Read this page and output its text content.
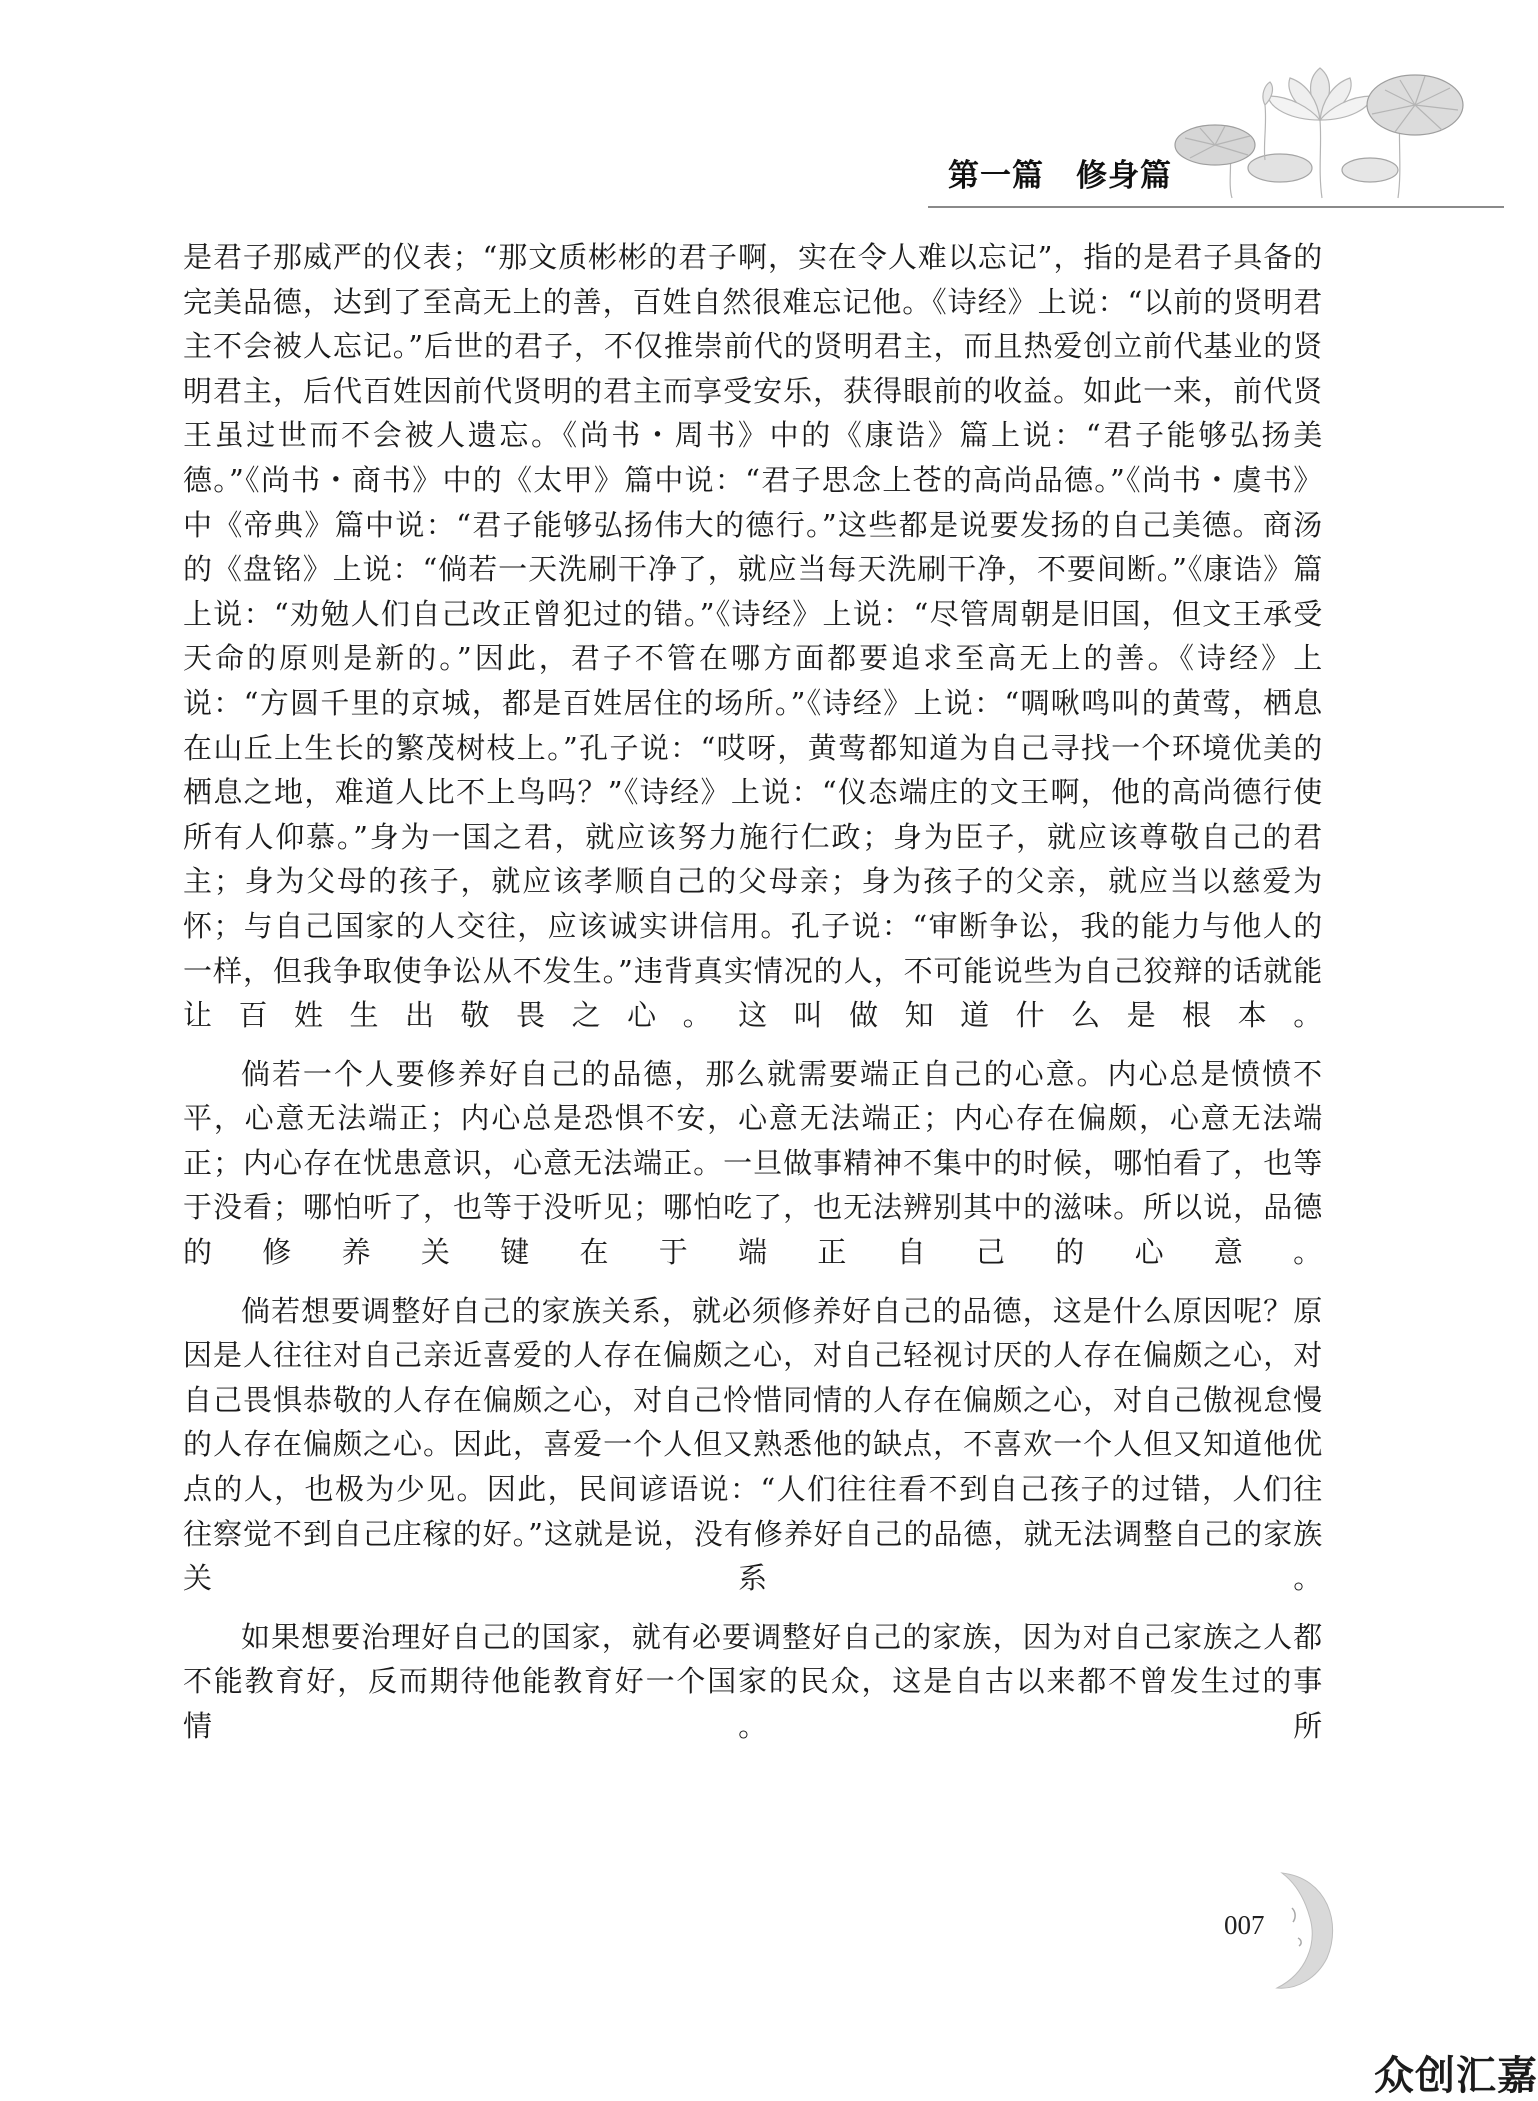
第一篇　修身篇

是君子那威严的仪表；“那文质彬彬的君子啊，实在令人难以忘记”，指的是君子具备的完美品德，达到了至高无上的善，百姓自然很难忘记他。《诗经》上说：“以前的贤明君主不会被人忘记。”后世的君子，不仅推崇前代的贤明君主，而且热爱创立前代基业的贤明君主，后代百姓因前代贤明的君主而享受安乐，获得眼前的收益。如此一来，前代贤王虽过世而不会被人遗忘。《尚书・周书》中的《康诰》篇上说：“君子能够弘扬美德。”《尚书・商书》中的《太甲》篇中说：“君子思念上苍的高尚品德。”《尚书・虞书》中《帝典》篇中说：“君子能够弘扬伟大的德行。”这些都是说要发扬的自己美德。商汤的《盘铭》上说：“倘若一天洗刷干净了，就应当每天洗刷干净，不要间断。”《康诰》篇上说：“劝勉人们自己改正曾犯过的错。”《诗经》上说：“尽管周朝是旧国，但文王承受天命的原则是新的。”因此，君子不管在哪方面都要追求至高无上的善。《诗经》上说：“方圆千里的京城，都是百姓居住的场所。”《诗经》上说：“啁啾鸣叫的黄莺，栖息在山丘上生长的繁茂树枝上。”孔子说：“哎呀，黄莺都知道为自己寻找一个环境优美的栖息之地，难道人比不上鸟吗？”《诗经》上说：“仪态端庄的文王啊，他的高尚德行使所有人仰慕。”身为一国之君，就应该努力施行仁政；身为臣子，就应该尊敬自己的君主；身为父母的孩子，就应该孝顺自己的父母亲；身为孩子的父亲，就应当以慈爱为怀；与自己国家的人交往，应该诚实讲信用。孔子说：“审断争讼，我的能力与他人的一样，但我争取使争讼从不发生。”违背真实情况的人，不可能说些为自己狡辩的话就能让百姓生出敬畏之心。这叫做知道什么是根本。

倘若一个人要修养好自己的品德，那么就需要端正自己的心意。内心总是愤愤不平，心意无法端正；内心总是恐惧不安，心意无法端正；内心存在偏颇，心意无法端正；内心存在忧患意识，心意无法端正。一旦做事精神不集中的时候，哪怕看了，也等于没看；哪怕听了，也等于没听见；哪怕吃了，也无法辨别其中的滋味。所以说，品德的修养关键在于端正自己的心意。

倘若想要调整好自己的家族关系，就必须修养好自己的品德，这是什么原因呢？原因是人往往对自己亲近喜爱的人存在偏颇之心，对自己轻视讨厌的人存在偏颇之心，对自己畏惧恭敬的人存在偏颇之心，对自己怜惜同情的人存在偏颇之心，对自己傲视怠慢的人存在偏颇之心。因此，喜爱一个人但又熟悉他的缺点，不喜欢一个人但又知道他优点的人，也极为少见。因此，民间谚语说：“人们往往看不到自己孩子的过错，人们往往察觉不到自己庄稼的好。”这就是说，没有修养好自己的品德，就无法调整自己的家族关系。

如果想要治理好自己的国家，就有必要调整好自己的家族，因为对自己家族之人都不能教育好，反而期待他能教育好一个国家的民众，这是自古以来都不曾发生过的事情。所

007
众创汇嘉
